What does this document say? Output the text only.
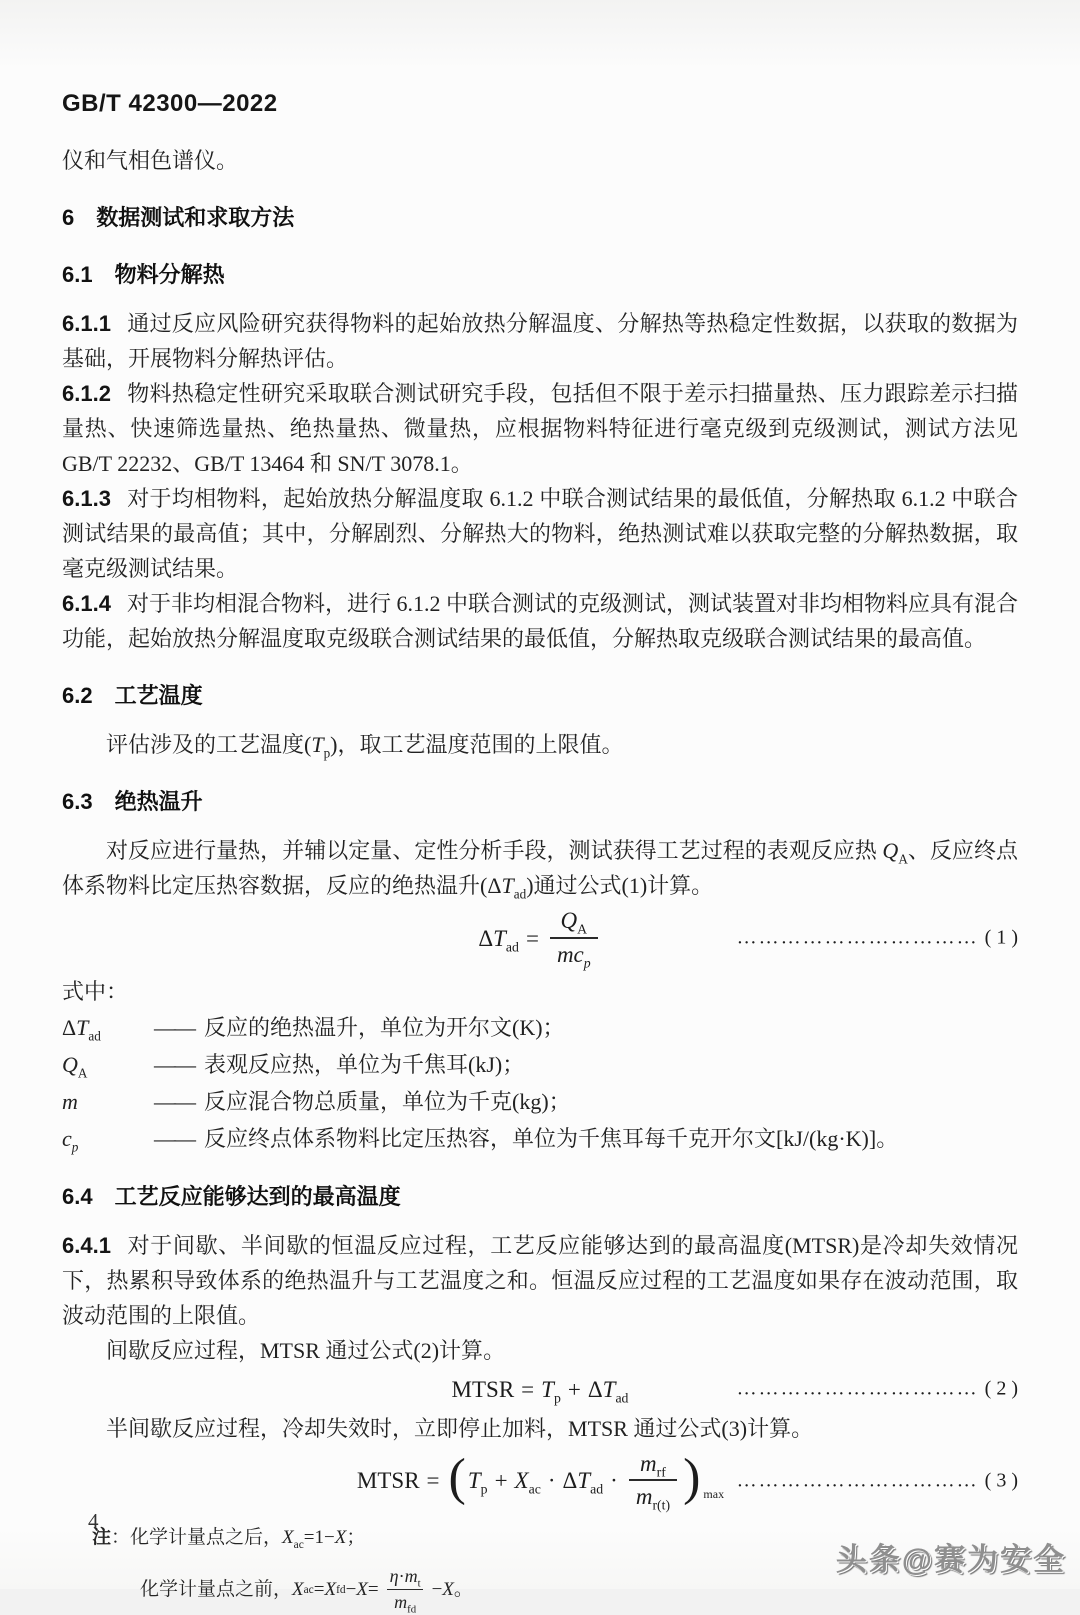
GB/T 42300—2022

仪和气相色谱仪。

6 数据测试和求取方法
6.1 物料分解热

6.1.1 通过反应风险研究获得物料的起始放热分解温度、分解热等热稳定性数据，以获取的数据为基础，开展物料分解热评估。

6.1.2 物料热稳定性研究采取联合测试研究手段，包括但不限于差示扫描量热、压力跟踪差示扫描量热、快速筛选量热、绝热量热、微量热，应根据物料特征进行毫克级到克级测试，测试方法见GB/T 22232、GB/T 13464 和 SN/T 3078.1。

6.1.3 对于均相物料，起始放热分解温度取 6.1.2 中联合测试结果的最低值，分解热取 6.1.2 中联合测试结果的最高值；其中，分解剧烈、分解热大的物料，绝热测试难以获取完整的分解热数据，取毫克级测试结果。

6.1.4 对于非均相混合物料，进行 6.1.2 中联合测试的克级测试，测试装置对非均相物料应具有混合功能，起始放热分解温度取克级联合测试结果的最低值，分解热取克级联合测试结果的最高值。

6.2 工艺温度

评估涉及的工艺温度$(T_p)$，取工艺温度范围的上限值。

6.3 绝热温升

对反应进行量热，并辅以定量、定性分析手段，测试获得工艺过程的表观反应热 $Q_A$、反应终点体系物料比定压热容数据，反应的绝热温升$(\Delta T_{ad})$通过公式(1)计算。

$\Delta T_{ad} = \frac{Q_A}{mc_p}$	…………………………… ( 1 )

式中：

$\Delta T_{ad}$	—— 反应的绝热温升，单位为开尔文(K)；
$Q_A$	—— 表观反应热，单位为千焦耳(kJ)；
m	—— 反应混合物总质量，单位为千克(kg)；
$c_p$	—— 反应终点体系物料比定压热容，单位为千焦耳每千克开尔文[kJ/(kg·K)]。
6.4 工艺反应能够达到的最高温度

6.4.1 对于间歇、半间歇的恒温反应过程，工艺反应能够达到的最高温度(MTSR)是冷却失效情况下，热累积导致体系的绝热温升与工艺温度之和。恒温反应过程的工艺温度如果存在波动范围，取波动范围的上限值。

间歇反应过程，MTSR 通过公式(2)计算。

MTSR = $T_p + \Delta T_{ad}$	…………………………… ( 2 )

半间歇反应过程，冷却失效时，立即停止加料，MTSR 通过公式(3)计算。

MTSR = ( $T_p + X_{ac} \cdot \Delta T_{ad} \cdot \frac{m_{rf}}{m_{r(t)}}$ ) max
…………………………… ( 3 )
注：化学计量点之后，$X_{ac}=1-X$；
化学计量点之前， X ac = X fd − $X = \frac{\eta\cdot m_t}{m_{fd}} - X$ 。
4
头条@赛为安全
